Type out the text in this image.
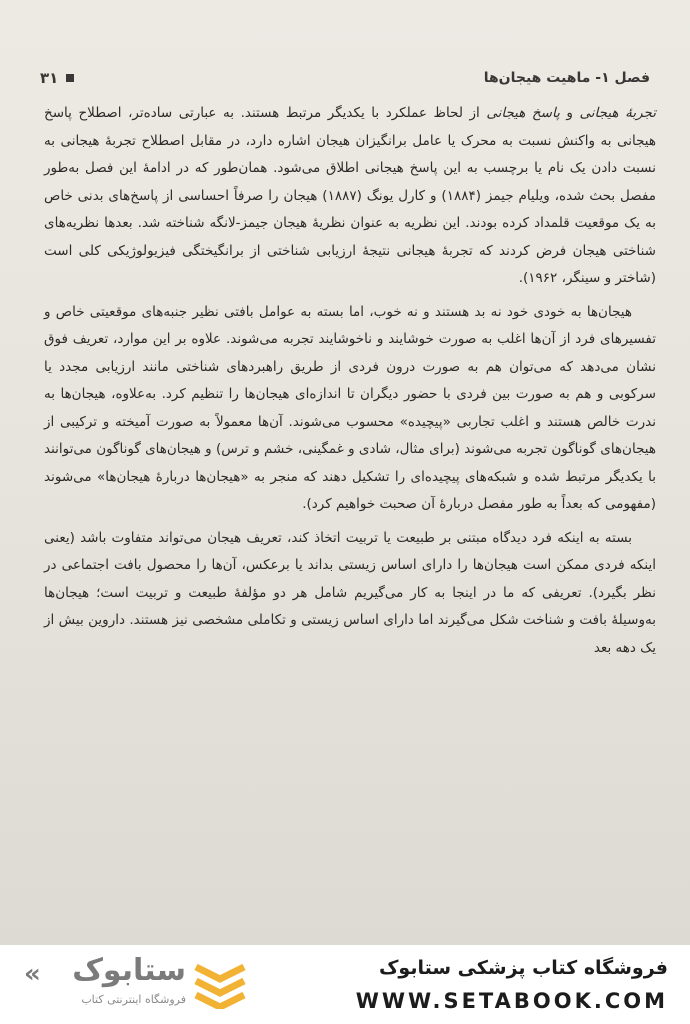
فصل ۱- ماهیت هیجان‌ها
۳۱

تجربهٔ هیجانی و پاسخ هیجانی از لحاظ عملکرد با یکدیگر مرتبط هستند. به عبارتی ساده‌تر، اصطلاح پاسخ هیجانی به واکنش نسبت به محرک یا عامل برانگیزان هیجان اشاره دارد، در مقابل اصطلاح تجربهٔ هیجانی به نسبت دادن یک نام یا برچسب به این پاسخ هیجانی اطلاق می‌شود. همان‌طور که در ادامهٔ این فصل به‌طور مفصل بحث شده، ویلیام جیمز (۱۸۸۴) و کارل یونگ (۱۸۸۷) هیجان را صرفاً احساسی از پاسخ‌های بدنی خاص به یک موقعیت قلمداد کرده بودند. این نظریه به عنوان نظریهٔ هیجان جیمز-لانگه شناخته شد. بعدها نظریه‌های شناختی هیجان فرض کردند که تجربهٔ هیجانی نتیجهٔ ارزیابی شناختی از برانگیختگی فیزیولوژیکی کلی است (شاختر و سینگر، ۱۹۶۲).

هیجان‌ها به خودی خود نه بد هستند و نه خوب، اما بسته به عوامل بافتی نظیر جنبه‌های موقعیتی خاص و تفسیرهای فرد از آن‌ها اغلب به صورت خوشایند و ناخوشایند تجربه می‌شوند. علاوه بر این موارد، تعریف فوق نشان می‌دهد که می‌توان هم به صورت درون فردی از طریق راهبردهای شناختی مانند ارزیابی مجدد یا سرکوبی و هم به صورت بین فردی با حضور دیگران تا اندازه‌ای هیجان‌ها را تنظیم کرد. به‌علاوه، هیجان‌ها به ندرت خالص هستند و اغلب تجاربی «پیچیده» محسوب می‌شوند. آن‌ها معمولاً به صورت آمیخته و ترکیبی از هیجان‌های گوناگون تجربه می‌شوند (برای مثال، شادی و غمگینی، خشم و ترس) و هیجان‌های گوناگون می‌توانند با یکدیگر مرتبط شده و شبکه‌های پیچیده‌ای را تشکیل دهند که منجر به «هیجان‌ها دربارهٔ هیجان‌ها» می‌شوند (مفهومی که بعداً به طور مفصل دربارهٔ آن صحبت خواهیم کرد).

بسته به اینکه فرد دیدگاه مبتنی بر طبیعت یا تربیت اتخاذ کند، تعریف هیجان می‌تواند متفاوت باشد (یعنی اینکه فردی ممکن است هیجان‌ها را دارای اساس زیستی بداند یا برعکس، آن‌ها را محصول بافت اجتماعی در نظر بگیرد). تعریفی که ما در اینجا به کار می‌گیریم شامل هر دو مؤلفهٔ طبیعت و تربیت است؛ هیجان‌ها به‌وسیلهٔ بافت و شناخت شکل می‌گیرند اما دارای اساس زیستی و تکاملی مشخصی نیز هستند. داروین بیش از یک دهه بعد

«	ستابوک
فروشگاه اینترنتی کتاب
فروشگاه کتاب پزشکی ستابوک
WWW.SETABOOK.COM
